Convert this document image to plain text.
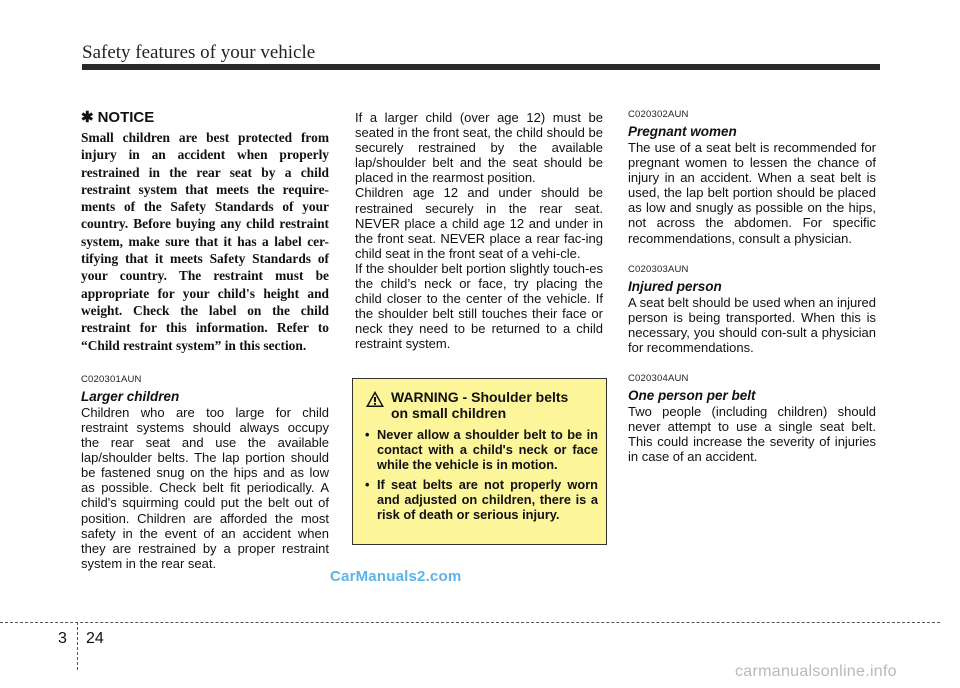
Safety features of your vehicle
✱ NOTICE
Small children are best protected from injury in an accident when properly restrained in the rear seat by a child restraint system that meets the require-ments of the Safety Standards of your country. Before buying any child restraint system, make sure that it has a label cer-tifying that it meets Safety Standards of your country. The restraint must be appropriate for your child's height and weight. Check the label on the child restraint for this information. Refer to “Child restraint system” in this section.
C020301AUN
Larger children
Children who are too large for child restraint systems should always occupy the rear seat and use the available lap/shoulder belts. The lap portion should be fastened snug on the hips and as low as possible. Check belt fit periodically. A child's squirming could put the belt out of position. Children are afforded the most safety in the event of an accident when they are restrained by a proper restraint system in the rear seat.
If a larger child (over age 12) must be seated in the front seat, the child should be securely restrained by the available lap/shoulder belt and the seat should be placed in the rearmost position.
Children age 12 and under should be restrained securely in the rear seat. NEVER place a child age 12 and under in the front seat. NEVER place a rear fac-ing child seat in the front seat of a vehi-cle.
If the shoulder belt portion slightly touch-es the child’s neck or face, try placing the child closer to the center of the vehicle. If the shoulder belt still touches their face or neck they need to be returned to a child restraint system.
WARNING - Shoulder belts
on small children
• Never allow a shoulder belt to be in contact with a child's neck or face while the vehicle is in motion.
• If seat belts are not properly worn and adjusted on children, there is a risk of death or serious injury.
C020302AUN
Pregnant women
The use of a seat belt is recommended for pregnant women to lessen the chance of injury in an accident. When a seat belt is used, the lap belt portion should be placed as low and snugly as possible on the hips, not across the abdomen. For specific recommendations, consult a physician.
C020303AUN
Injured person
A seat belt should be used when an injured person is being transported. When this is necessary, you should con-sult a physician for recommendations.
C020304AUN
One person per belt
Two people (including children) should never attempt to use a single seat belt. This could increase the severity of injuries in case of an accident.
CarManuals2.com
3 24
carmanualsonline.info
